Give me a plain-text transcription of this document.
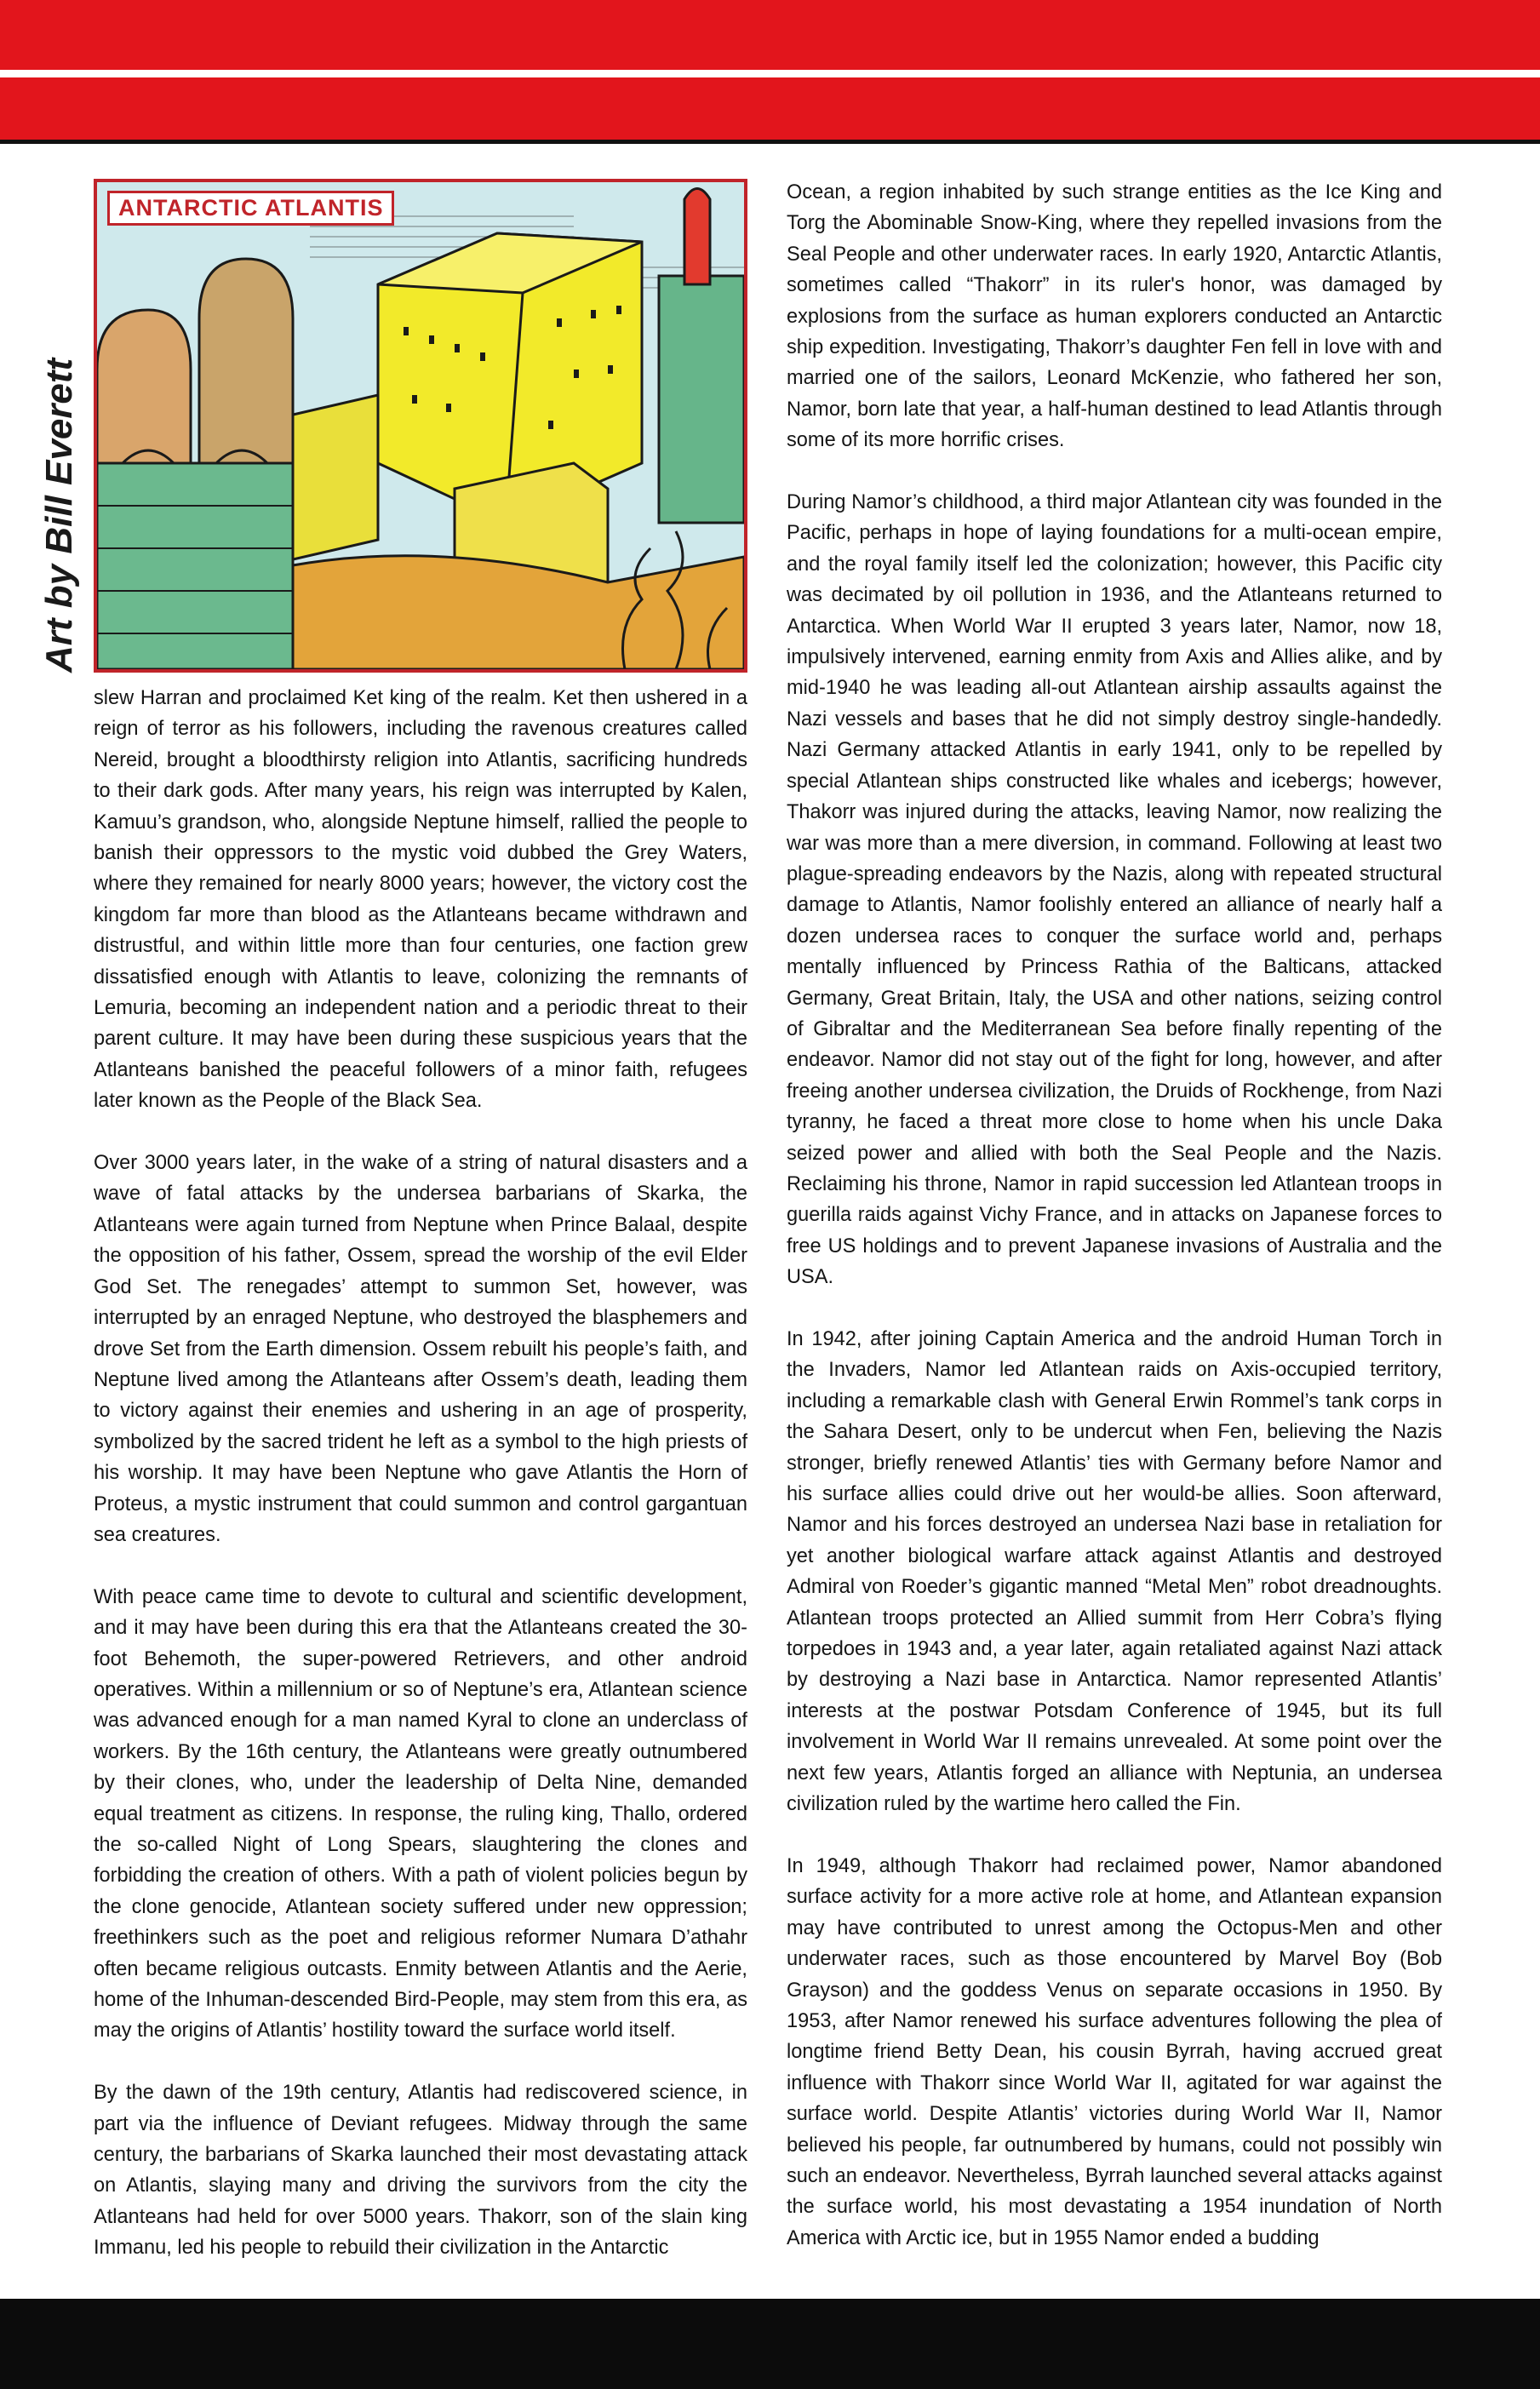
Art by Bill Everett
ANTARCTIC ATLANTIS

slew Harran and proclaimed Ket king of the realm. Ket then ushered in a reign of terror as his followers, including the ravenous creatures called Nereid, brought a bloodthirsty religion into Atlantis, sacrificing hundreds to their dark gods. After many years, his reign was interrupted by Kalen, Kamuu’s grandson, who, alongside Neptune himself, rallied the people to banish their oppressors to the mystic void dubbed the Grey Waters, where they remained for nearly 8000 years; however, the victory cost the kingdom far more than blood as the Atlanteans became withdrawn and distrustful, and within little more than four centuries, one faction grew dissatisfied enough with Atlantis to leave, colonizing the remnants of Lemuria, becoming an independent nation and a periodic threat to their parent culture. It may have been during these suspicious years that the Atlanteans banished the peaceful followers of a minor faith, refugees later known as the People of the Black Sea.

Over 3000 years later, in the wake of a string of natural disasters and a wave of fatal attacks by the undersea barbarians of Skarka, the Atlanteans were again turned from Neptune when Prince Balaal, despite the opposition of his father, Ossem, spread the worship of the evil Elder God Set. The renegades’ attempt to summon Set, however, was interrupted by an enraged Neptune, who destroyed the blasphemers and drove Set from the Earth dimension. Ossem rebuilt his people’s faith, and Neptune lived among the Atlanteans after Ossem’s death, leading them to victory against their enemies and ushering in an age of prosperity, symbolized by the sacred trident he left as a symbol to the high priests of his worship. It may have been Neptune who gave Atlantis the Horn of Proteus, a mystic instrument that could summon and control gargantuan sea creatures.

With peace came time to devote to cultural and scientific development, and it may have been during this era that the Atlanteans created the 30-foot Behemoth, the super-powered Retrievers, and other android operatives. Within a millennium or so of Neptune’s era, Atlantean science was advanced enough for a man named Kyral to clone an underclass of workers. By the 16th century, the Atlanteans were greatly outnumbered by their clones, who, under the leadership of Delta Nine, demanded equal treatment as citizens. In response, the ruling king, Thallo, ordered the so-called Night of Long Spears, slaughtering the clones and forbidding the creation of others. With a path of violent policies begun by the clone genocide, Atlantean society suffered under new oppression; freethinkers such as the poet and religious reformer Numara D’athahr often became religious outcasts. Enmity between Atlantis and the Aerie, home of the Inhuman-descended Bird-People, may stem from this era, as may the origins of Atlantis’ hostility toward the surface world itself.

By the dawn of the 19th century, Atlantis had rediscovered science, in part via the influence of Deviant refugees. Midway through the same century, the barbarians of Skarka launched their most devastating attack on Atlantis, slaying many and driving the survivors from the city the Atlanteans had held for over 5000 years. Thakorr, son of the slain king Immanu, led his people to rebuild their civilization in the Antarctic

Ocean, a region inhabited by such strange entities as the Ice King and Torg the Abominable Snow-King, where they repelled invasions from the Seal People and other underwater races. In early 1920, Antarctic Atlantis, sometimes called “Thakorr” in its ruler's honor, was damaged by explosions from the surface as human explorers conducted an Antarctic ship expedition. Investigating, Thakorr’s daughter Fen fell in love with and married one of the sailors, Leonard McKenzie, who fathered her son, Namor, born late that year, a half-human destined to lead Atlantis through some of its more horrific crises.

During Namor’s childhood, a third major Atlantean city was founded in the Pacific, perhaps in hope of laying foundations for a multi-ocean empire, and the royal family itself led the colonization; however, this Pacific city was decimated by oil pollution in 1936, and the Atlanteans returned to Antarctica. When World War II erupted 3 years later, Namor, now 18, impulsively intervened, earning enmity from Axis and Allies alike, and by mid-1940 he was leading all-out Atlantean airship assaults against the Nazi vessels and bases that he did not simply destroy single-handedly. Nazi Germany attacked Atlantis in early 1941, only to be repelled by special Atlantean ships constructed like whales and icebergs; however, Thakorr was injured during the attacks, leaving Namor, now realizing the war was more than a mere diversion, in command. Following at least two plague-spreading endeavors by the Nazis, along with repeated structural damage to Atlantis, Namor foolishly entered an alliance of nearly half a dozen undersea races to conquer the surface world and, perhaps mentally influenced by Princess Rathia of the Balticans, attacked Germany, Great Britain, Italy, the USA and other nations, seizing control of Gibraltar and the Mediterranean Sea before finally repenting of the endeavor. Namor did not stay out of the fight for long, however, and after freeing another undersea civilization, the Druids of Rockhenge, from Nazi tyranny, he faced a threat more close to home when his uncle Daka seized power and allied with both the Seal People and the Nazis. Reclaiming his throne, Namor in rapid succession led Atlantean troops in guerilla raids against Vichy France, and in attacks on Japanese forces to free US holdings and to prevent Japanese invasions of Australia and the USA.

In 1942, after joining Captain America and the android Human Torch in the Invaders, Namor led Atlantean raids on Axis-occupied territory, including a remarkable clash with General Erwin Rommel’s tank corps in the Sahara Desert, only to be undercut when Fen, believing the Nazis stronger, briefly renewed Atlantis’ ties with Germany before Namor and his surface allies could drive out her would-be allies. Soon afterward, Namor and his forces destroyed an undersea Nazi base in retaliation for yet another biological warfare attack against Atlantis and destroyed Admiral von Roeder’s gigantic manned “Metal Men” robot dreadnoughts. Atlantean troops protected an Allied summit from Herr Cobra’s flying torpedoes in 1943 and, a year later, again retaliated against Nazi attack by destroying a Nazi base in Antarctica. Namor represented Atlantis’ interests at the postwar Potsdam Conference of 1945, but its full involvement in World War II remains unrevealed. At some point over the next few years, Atlantis forged an alliance with Neptunia, an undersea civilization ruled by the wartime hero called the Fin.

In 1949, although Thakorr had reclaimed power, Namor abandoned surface activity for a more active role at home, and Atlantean expansion may have contributed to unrest among the Octopus-Men and other underwater races, such as those encountered by Marvel Boy (Bob Grayson) and the goddess Venus on separate occasions in 1950. By 1953, after Namor renewed his surface adventures following the plea of longtime friend Betty Dean, his cousin Byrrah, having accrued great influence with Thakorr since World War II, agitated for war against the surface world. Despite Atlantis’ victories during World War II, Namor believed his people, far outnumbered by humans, could not possibly win such an endeavor. Nevertheless, Byrrah launched several attacks against the surface world, his most devastating a 1954 inundation of North America with Arctic ice, but in 1955 Namor ended a budding
